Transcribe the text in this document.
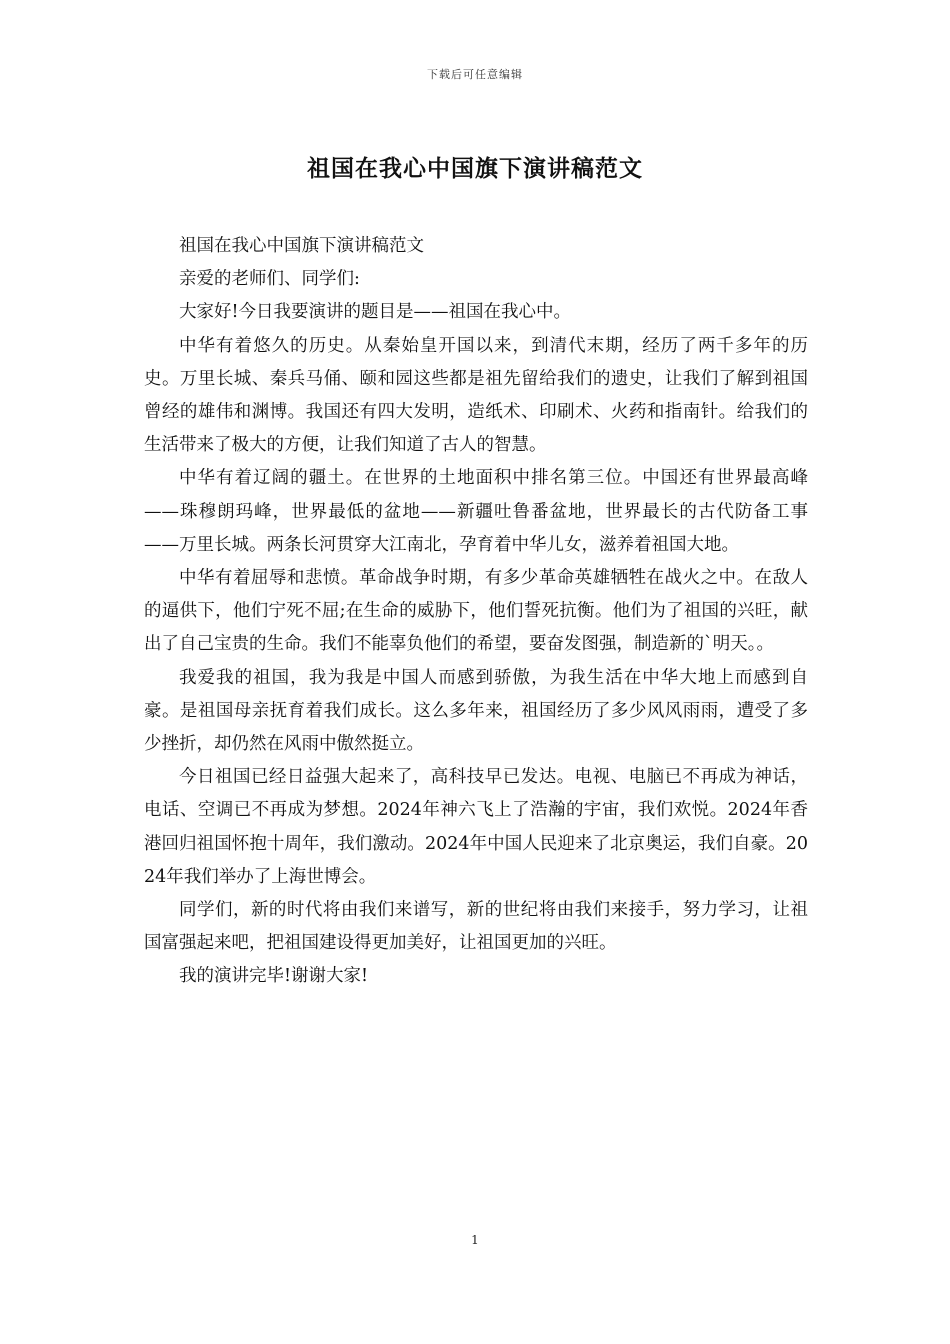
下载后可任意编辑
祖国在我心中国旗下演讲稿范文

祖国在我心中国旗下演讲稿范文

亲爱的老师们、同学们:

大家好!今日我要演讲的题目是——祖国在我心中。

中华有着悠久的历史。从秦始皇开国以来，到清代末期，经历了两千多年的历史。万里长城、秦兵马俑、颐和园这些都是祖先留给我们的遗史，让我们了解到祖国曾经的雄伟和渊博。我国还有四大发明，造纸术、印刷术、火药和指南针。给我们的生活带来了极大的方便，让我们知道了古人的智慧。

中华有着辽阔的疆土。在世界的土地面积中排名第三位。中国还有世界最高峰——珠穆朗玛峰，世界最低的盆地——新疆吐鲁番盆地，世界最长的古代防备工事——万里长城。两条长河贯穿大江南北，孕育着中华儿女，滋养着祖国大地。

中华有着屈辱和悲愤。革命战争时期，有多少革命英雄牺牲在战火之中。在敌人的逼供下，他们宁死不屈;在生命的威胁下，他们誓死抗衡。他们为了祖国的兴旺，献出了自己宝贵的生命。我们不能辜负他们的希望，要奋发图强，制造新的`明天。。

我爱我的祖国，我为我是中国人而感到骄傲，为我生活在中华大地上而感到自豪。是祖国母亲抚育着我们成长。这么多年来，祖国经历了多少风风雨雨，遭受了多少挫折，却仍然在风雨中傲然挺立。

今日祖国已经日益强大起来了，高科技早已发达。电视、电脑已不再成为神话，电话、空调已不再成为梦想。2024年神六飞上了浩瀚的宇宙，我们欢悦。2024年香港回归祖国怀抱十周年，我们激动。2024年中国人民迎来了北京奥运，我们自豪。2024年我们举办了上海世博会。

同学们，新的时代将由我们来谱写，新的世纪将由我们来接手，努力学习，让祖国富强起来吧，把祖国建设得更加美好，让祖国更加的兴旺。

我的演讲完毕!谢谢大家!

1
